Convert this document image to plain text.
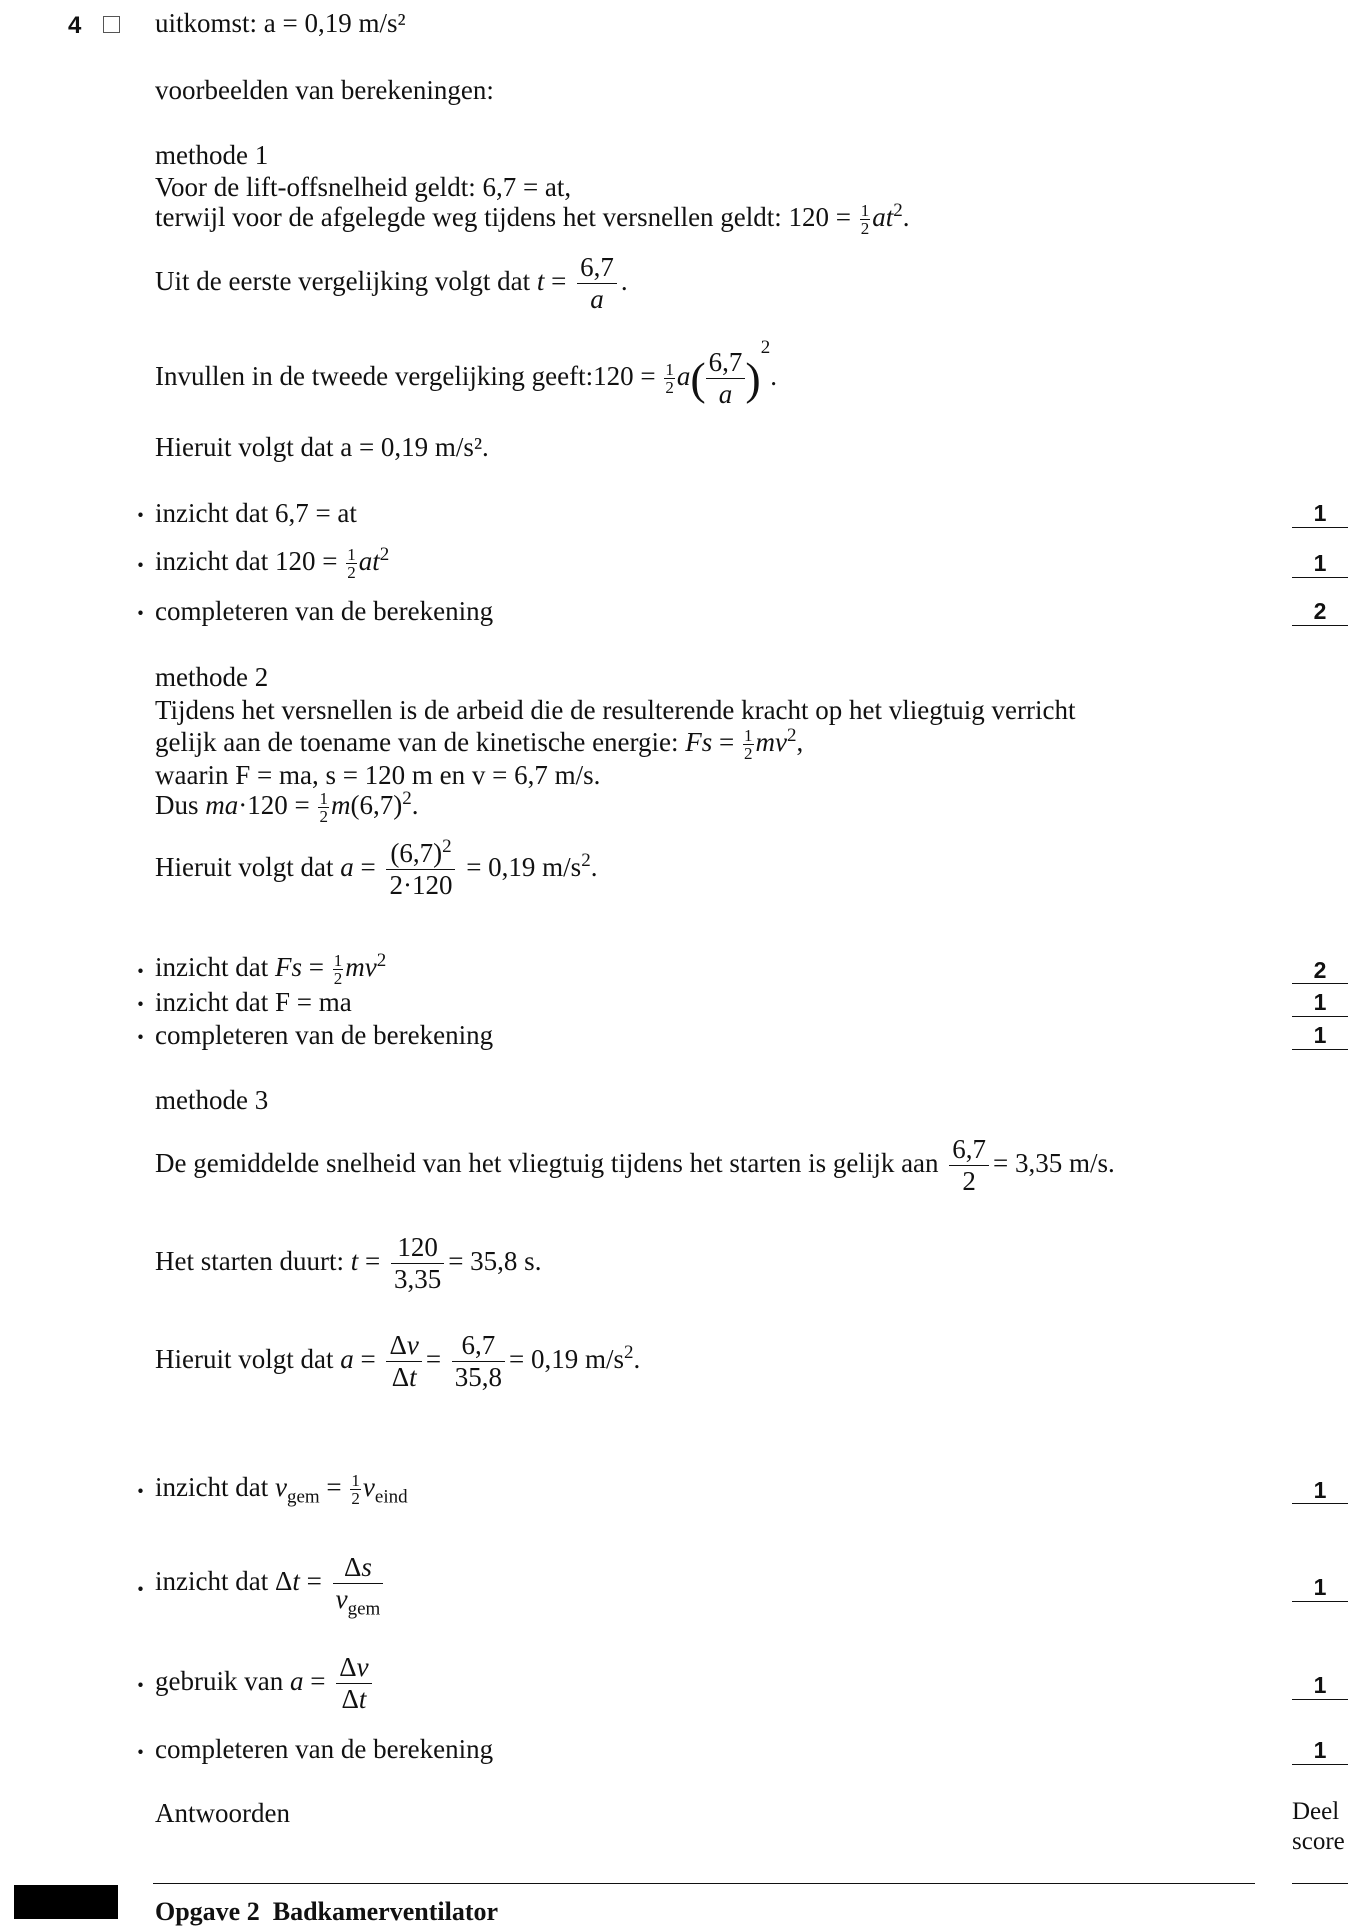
4	uitkomst: a = 0,19 m/s²
voorbeelden van berekeningen:
methode 1
Voor de lift-offsnelheid geldt: 6,7 = at,
terwijl voor de afgelegde weg tijdens het versnellen geldt: $120 = \frac{1}{2} at^2$.
Uit de eerste vergelijking volgt dat $t = \frac{6,7}{a}$ .
Invullen in de tweede vergelijking geeft:120 = $\frac{1}{2} a( \frac{6,7}{a} )^2$.
Hieruit volgt dat a = 0,19 m/s².
· inzicht dat 6,7 = at	1
· inzicht dat $120 = \frac{1}{2} at^2$	1
· completeren van de berekening	2
methode 2
Tijdens het versnellen is de arbeid die de resulterende kracht op het vliegtuig verricht
gelijk aan de toename van de kinetische energie: $Fs = \frac{1}{2} mv^2$,
waarin F = ma, s = 120 m en v = 6,7 m/s.
Dus $ma\cdot 120 = \frac{1}{2} m(6,7)^2$.
Hieruit volgt dat $a = \frac{(6,7)^2}{2\cdot 120} = 0,19$ $m/s^2$.
· inzicht dat $Fs = \frac{1}{2} mv^2$	2
· inzicht dat F = ma	1
· completeren van de berekening	1
methode 3
De gemiddelde snelheid van het vliegtuig tijdens het starten is gelijk aan $\frac{6,7}{2} = 3,35$ m/s.
Het starten duurt: $t = \frac{120}{3,35} = 35,8$ s.
Hieruit volgt dat $a = \frac{\Delta v}{\Delta t} = \frac{6,7}{35,8} = 0,19$ $m/s^2$.
· inzicht dat $v_{gem} = \frac{1}{2} v_{eind}$	1
· inzicht dat $\Delta t = \frac{\Delta s}{v_{gem}}$	1
· gebruik van $a = \frac{\Delta v}{\Delta t}$	1
· completeren van de berekening	1
Antwoorden	Deel
score
Opgave 2  Badkamerventilator
